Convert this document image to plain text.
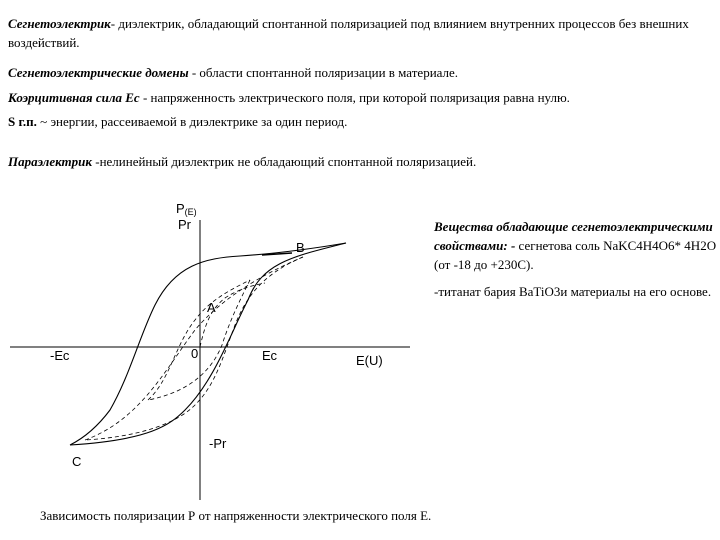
Сегнетоэлектрик- диэлектрик, обладающий спонтанной поляризацией под влиянием внутренних процессов без внешних воздействий.
Сегнетоэлектрические домены - области спонтанной поляризации в материале.
Коэрцитивная сила Ес - напряженность электрического поля, при которой поляризация равна нулю.
S г.п. ~ энергии, рассеиваемой в диэлектрике за один период.
Параэлектрик -нелинейный диэлектрик не обладающий спонтанной поляризацией.
P(Е)
Pr
B
A
-Ес	0	Ес	E(U)
-Pr
C

Вещества обладающие сегнетоэлектрическими свойствами: - сегнетова соль NaKC4H4O6* 4H2O (от -18 до +230С).

-титанат бария BaTiO3и материалы на его основе.

Зависимость поляризации Р от напряженности электрического поля Е.
